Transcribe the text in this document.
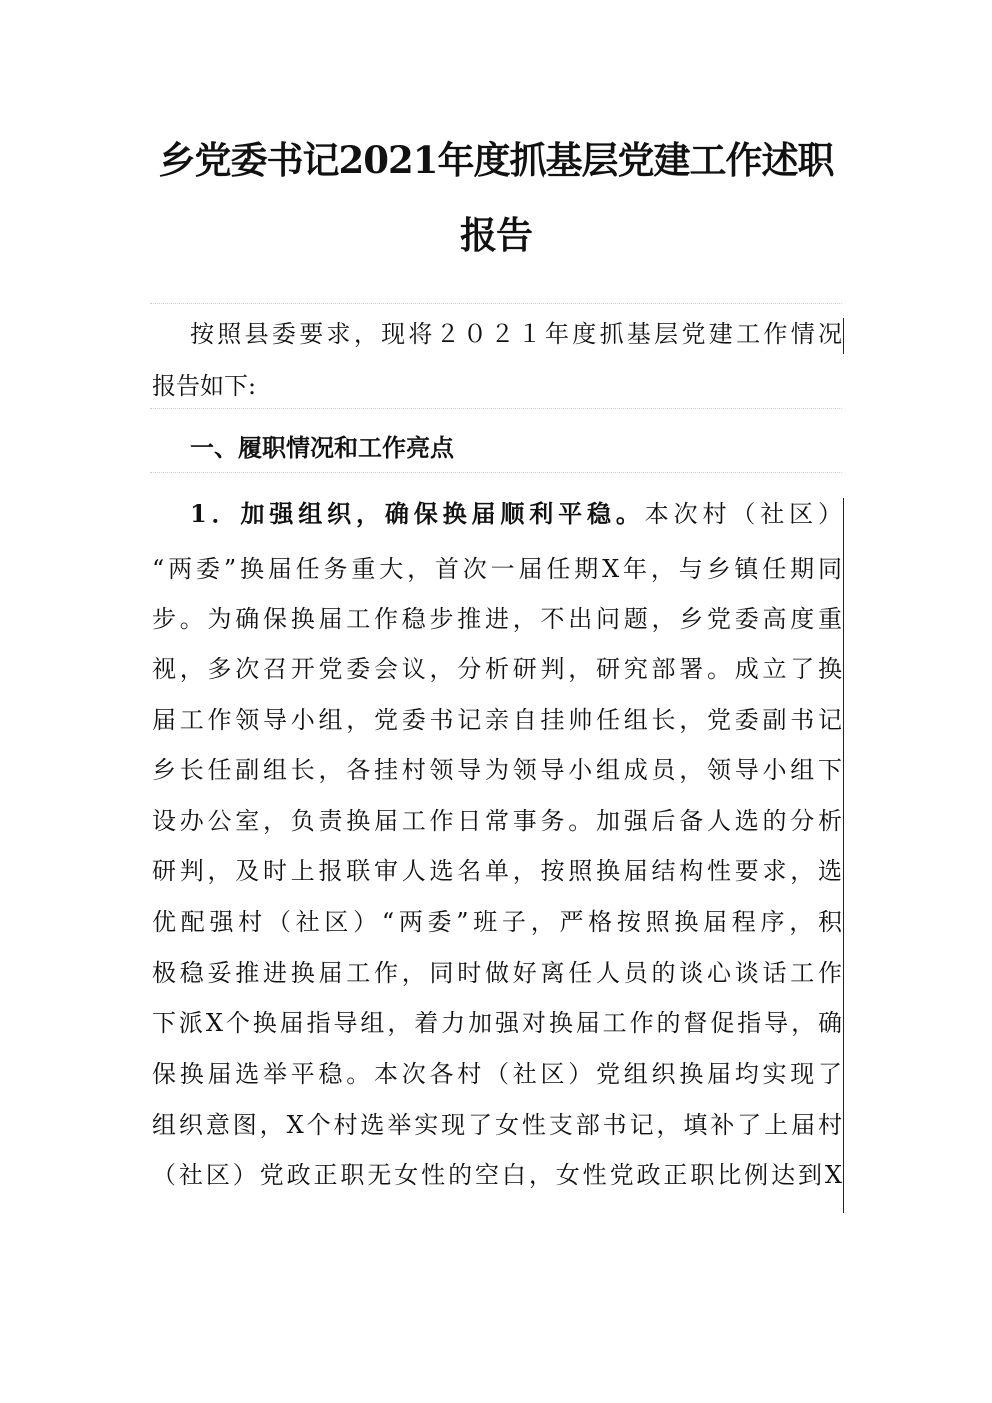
乡党委书记2021年度抓基层党建工作述职
报告
按照县委要求，现将２０２１年度抓基层党建工作情况
报告如下:
一、履职情况和工作亮点
1．加强组织，确保换届顺利平稳。本次村（社区）
“两委”换届任务重大，首次一届任期X年，与乡镇任期同
步。为确保换届工作稳步推进，不出问题，乡党委高度重
视，多次召开党委会议，分析研判，研究部署。成立了换
届工作领导小组，党委书记亲自挂帅任组长，党委副书记
乡长任副组长，各挂村领导为领导小组成员，领导小组下
设办公室，负责换届工作日常事务。加强后备人选的分析
研判，及时上报联审人选名单，按照换届结构性要求，选
优配强村（社区）“两委”班子，严格按照换届程序，积
极稳妥推进换届工作，同时做好离任人员的谈心谈话工作
下派X个换届指导组，着力加强对换届工作的督促指导，确
保换届选举平稳。本次各村（社区）党组织换届均实现了
组织意图，X个村选举实现了女性支部书记，填补了上届村
（社区）党政正职无女性的空白，女性党政正职比例达到X
